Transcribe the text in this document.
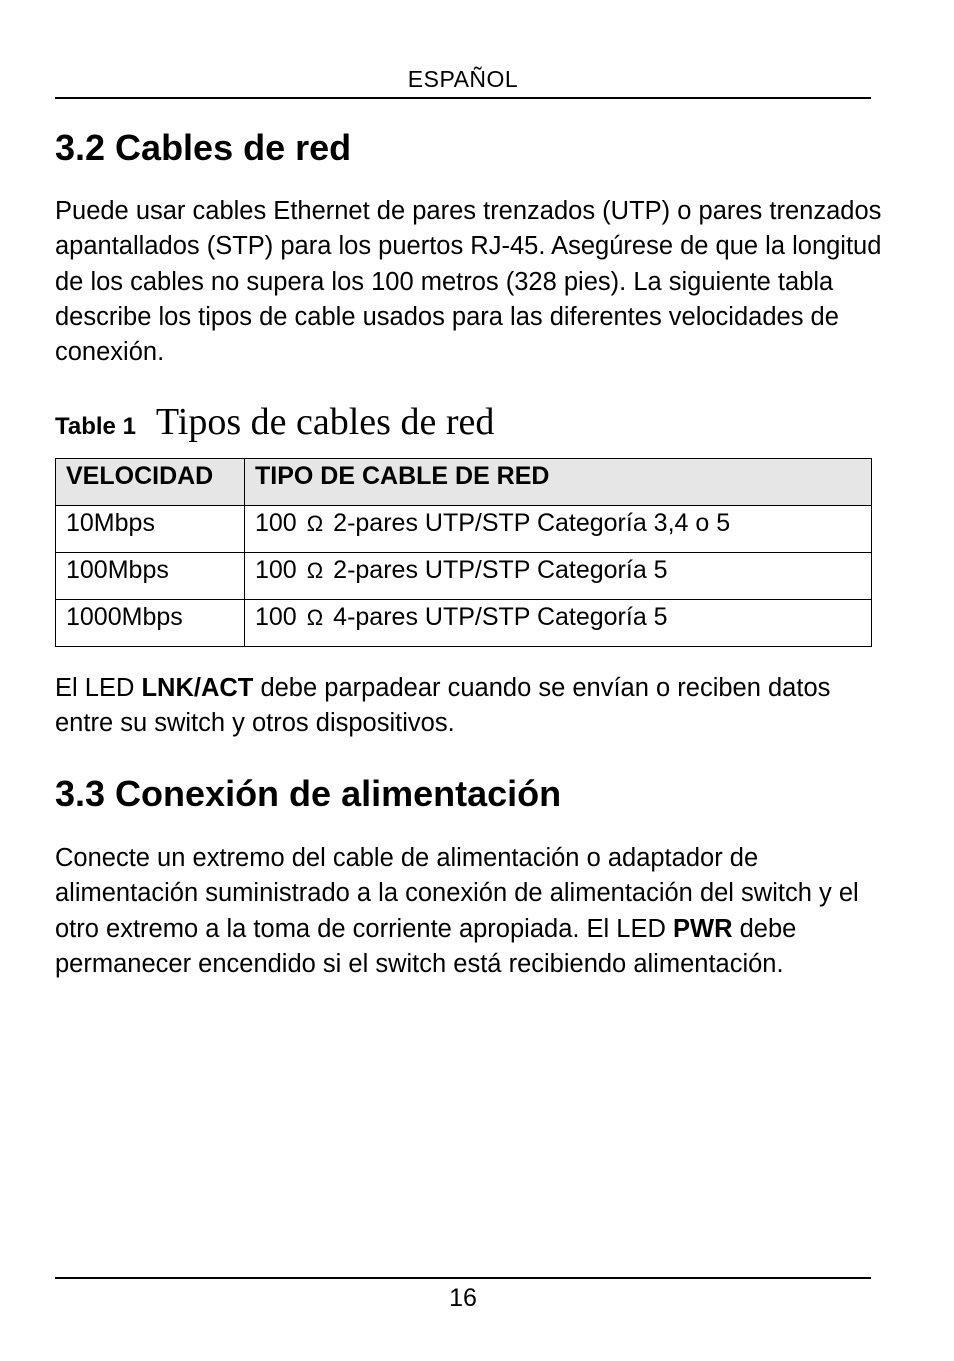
ESPAÑOL
3.2 Cables de red

Puede usar cables Ethernet de pares trenzados (UTP) o pares trenzados apantallados (STP) para los puertos RJ-45. Asegúrese de que la longitud de los cables no supera los 100 metros (328 pies). La siguiente tabla describe los tipos de cable usados para las diferentes velocidades de conexión.

Table 1 Tipos de cables de red
VELOCIDAD	TIPO DE CABLE DE RED
10Mbps	100 Ω 2-pares UTP/STP Categoría 3,4 o 5
100Mbps	100 Ω 2-pares UTP/STP Categoría 5
1000Mbps	100 Ω 4-pares UTP/STP Categoría 5

El LED LNK/ACT debe parpadear cuando se envían o reciben datos entre su switch y otros dispositivos.

3.3 Conexión de alimentación

Conecte un extremo del cable de alimentación o adaptador de alimentación suministrado a la conexión de alimentación del switch y el otro extremo a la toma de corriente apropiada. El LED PWR debe permanecer encendido si el switch está recibiendo alimentación.

16
